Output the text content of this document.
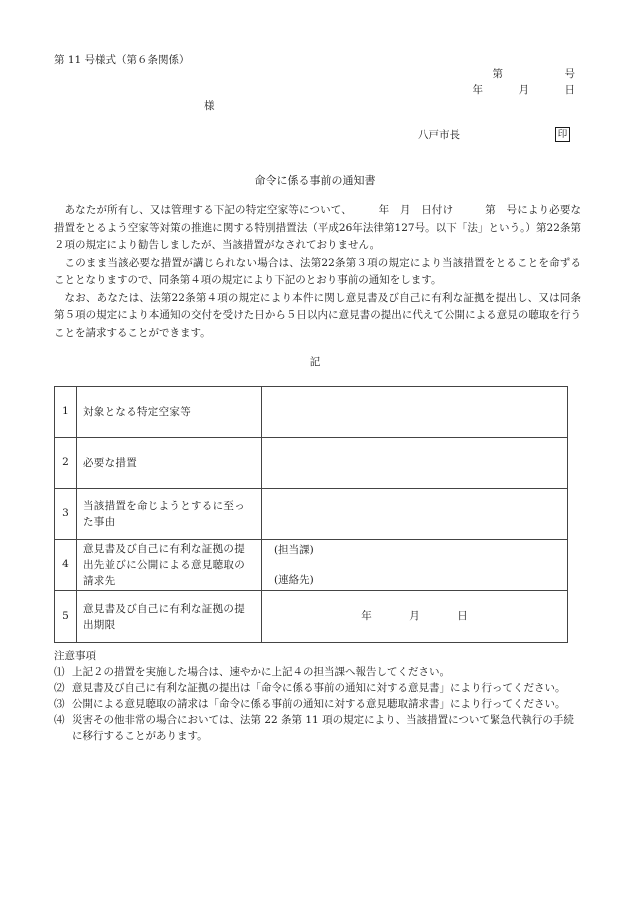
第 11 号様式（第６条関係）
第	号
年	月	日
様
八戸市長	印
命令に係る事前の通知書
あなたが所有し、又は管理する下記の特定空家等について、　　　年　月　日付け　　　第　号により必要な措置をとるよう空家等対策の推進に関する特別措置法（平成26年法律第127号。以下「法」という。）第22条第２項の規定により勧告しましたが、当該措置がなされておりません。
このまま当該必要な措置が講じられない場合は、法第22条第３項の規定により当該措置をとることを命ずることとなりますので、同条第４項の規定により下記のとおり事前の通知をします。
なお、あなたは、法第22条第４項の規定により本件に関し意見書及び自己に有利な証拠を提出し、又は同条第５項の規定により本通知の交付を受けた日から５日以内に意見書の提出に代えて公開による意見の聴取を行うことを請求することができます。
記
1	対象となる特定空家等	
2	必要な措置	
3	当該措置を命じようとするに至った事由	
4	意見書及び自己に有利な証拠の提出先並びに公開による意見聴取の請求先	(担当課)
(連絡先)

5	意見書及び自己に有利な証拠の提出期限	年 月 日
注意事項
⑴ 上記２の措置を実施した場合は、速やかに上記４の担当課へ報告してください。
⑵ 意見書及び自己に有利な証拠の提出は「命令に係る事前の通知に対する意見書」により行ってください。
⑶ 公開による意見聴取の請求は「命令に係る事前の通知に対する意見聴取請求書」により行ってください。
⑷ 災害その他非常の場合においては、法第 22 条第 11 項の規定により、当該措置について緊急代執行の手続に移行することがあります。
